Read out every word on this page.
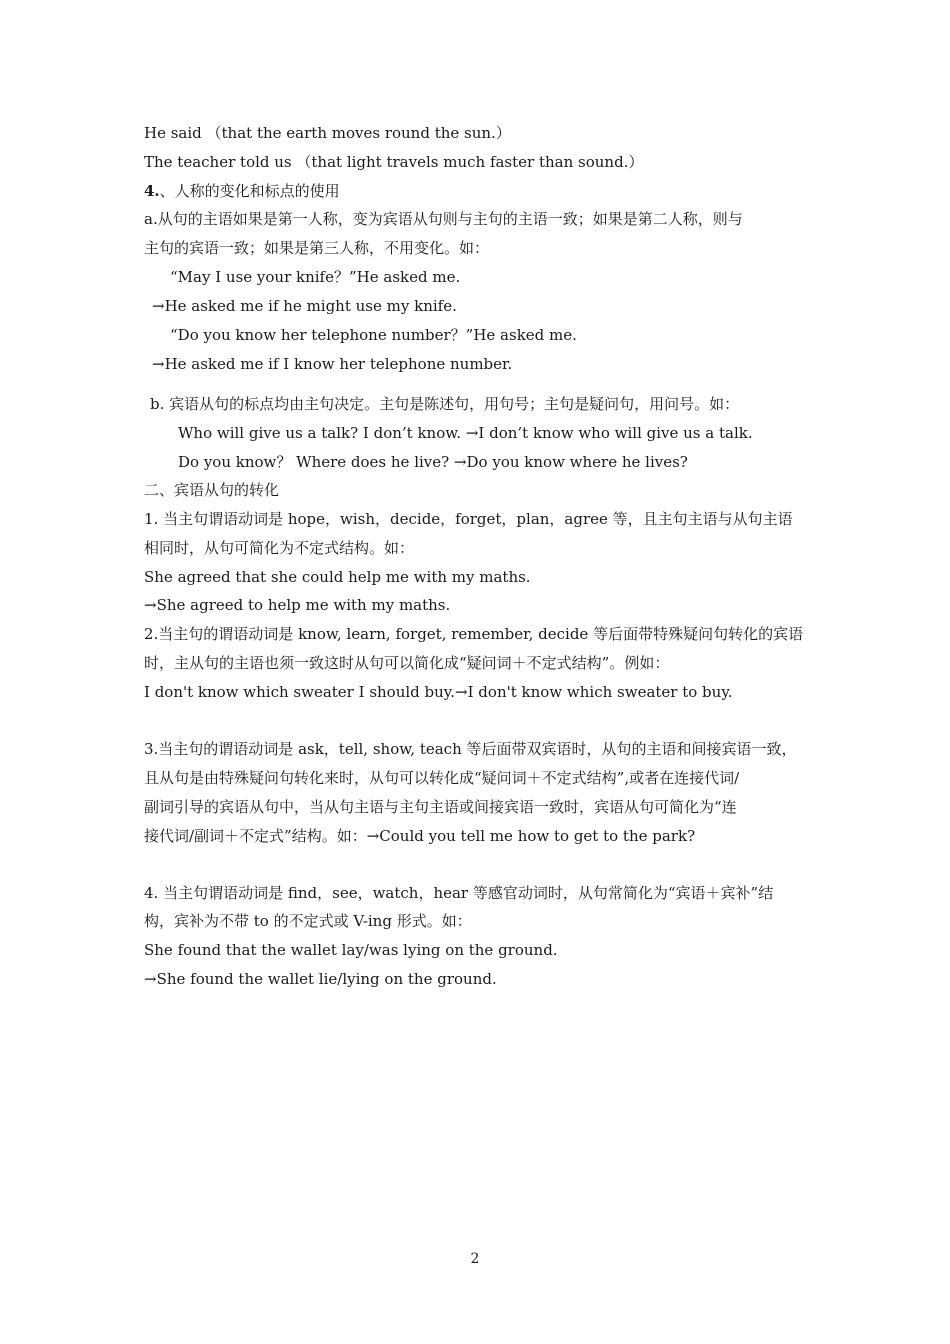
He said （that the earth moves round the sun.）
The teacher told us （that light travels much faster than sound.）
4.、人称的变化和标点的使用
a.从句的主语如果是第一人称，变为宾语从句则与主句的主语一致；如果是第二人称，则与
主句的宾语一致；如果是第三人称，不用变化。如：
“May I use your knife？”He asked me.
→He asked me if he might use my knife.
“Do you know her telephone number？”He asked me.
→He asked me if I know her telephone number.
b. 宾语从句的标点均由主句决定。主句是陈述句，用句号；主句是疑问句，用问号。如：
Who will give us a talk? I don’t know. →I don’t know who will give us a talk.
Do you know？ Where does he live? →Do you know where he lives?
二、宾语从句的转化
1. 当主句谓语动词是 hope，wish，decide，forget，plan，agree 等，且主句主语与从句主语
相同时，从句可简化为不定式结构。如：
She agreed that she could help me with my maths.
→She agreed to help me with my maths.
2.当主句的谓语动词是 know, learn, forget, remember, decide 等后面带特殊疑问句转化的宾语
时，主从句的主语也须一致这时从句可以简化成“疑问词＋不定式结构”。例如：
I don't know which sweater I should buy.→I don't know which sweater to buy.
3.当主句的谓语动词是 ask，tell, show, teach 等后面带双宾语时，从句的主语和间接宾语一致，
且从句是由特殊疑问句转化来时，从句可以转化成“疑问词＋不定式结构”,或者在连接代词/
副词引导的宾语从句中，当从句主语与主句主语或间接宾语一致时，宾语从句可简化为“连
接代词/副词＋不定式”结构。如：→Could you tell me how to get to the park?
4. 当主句谓语动词是 find，see，watch，hear 等感官动词时，从句常简化为“宾语＋宾补”结
构，宾补为不带 to 的不定式或 V-ing 形式。如：
She found that the wallet lay/was lying on the ground.
→She found the wallet lie/lying on the ground.
2
